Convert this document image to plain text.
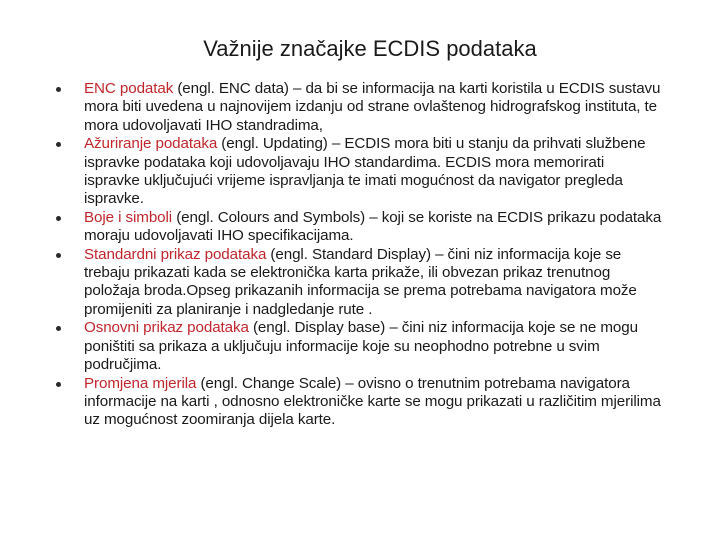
Važnije značajke ECDIS podataka
ENC podatak (engl. ENC data) – da bi se informacija na karti koristila u ECDIS sustavu mora biti uvedena u najnovijem izdanju od strane ovlaštenog hidrografskog instituta, te mora udovoljavati IHO standradima,
Ažuriranje podataka (engl. Updating) – ECDIS mora biti u stanju da prihvati službene ispravke podataka koji udovoljavaju IHO standardima. ECDIS mora memorirati ispravke uključujući vrijeme ispravljanja te imati mogućnost da navigator pregleda ispravke.
Boje i simboli (engl. Colours and Symbols) – koji se koriste na ECDIS prikazu podataka moraju udovoljavati IHO specifikacijama.
Standardni prikaz podataka (engl. Standard Display) – čini niz informacija koje se trebaju prikazati kada se elektronička karta prikaže, ili obvezan prikaz trenutnog položaja broda.Opseg prikazanih informacija se prema potrebama navigatora može promijeniti za planiranje i nadgledanje rute .
Osnovni prikaz podataka (engl. Display base) – čini niz informacija koje se ne mogu poništiti sa prikaza a uključuju informacije koje su neophodno potrebne u svim područjima.
Promjena mjerila (engl. Change Scale) – ovisno o trenutnim potrebama navigatora informacije na karti , odnosno elektroničke karte se mogu prikazati u različitim mjerilima uz mogućnost zoomiranja dijela karte.
